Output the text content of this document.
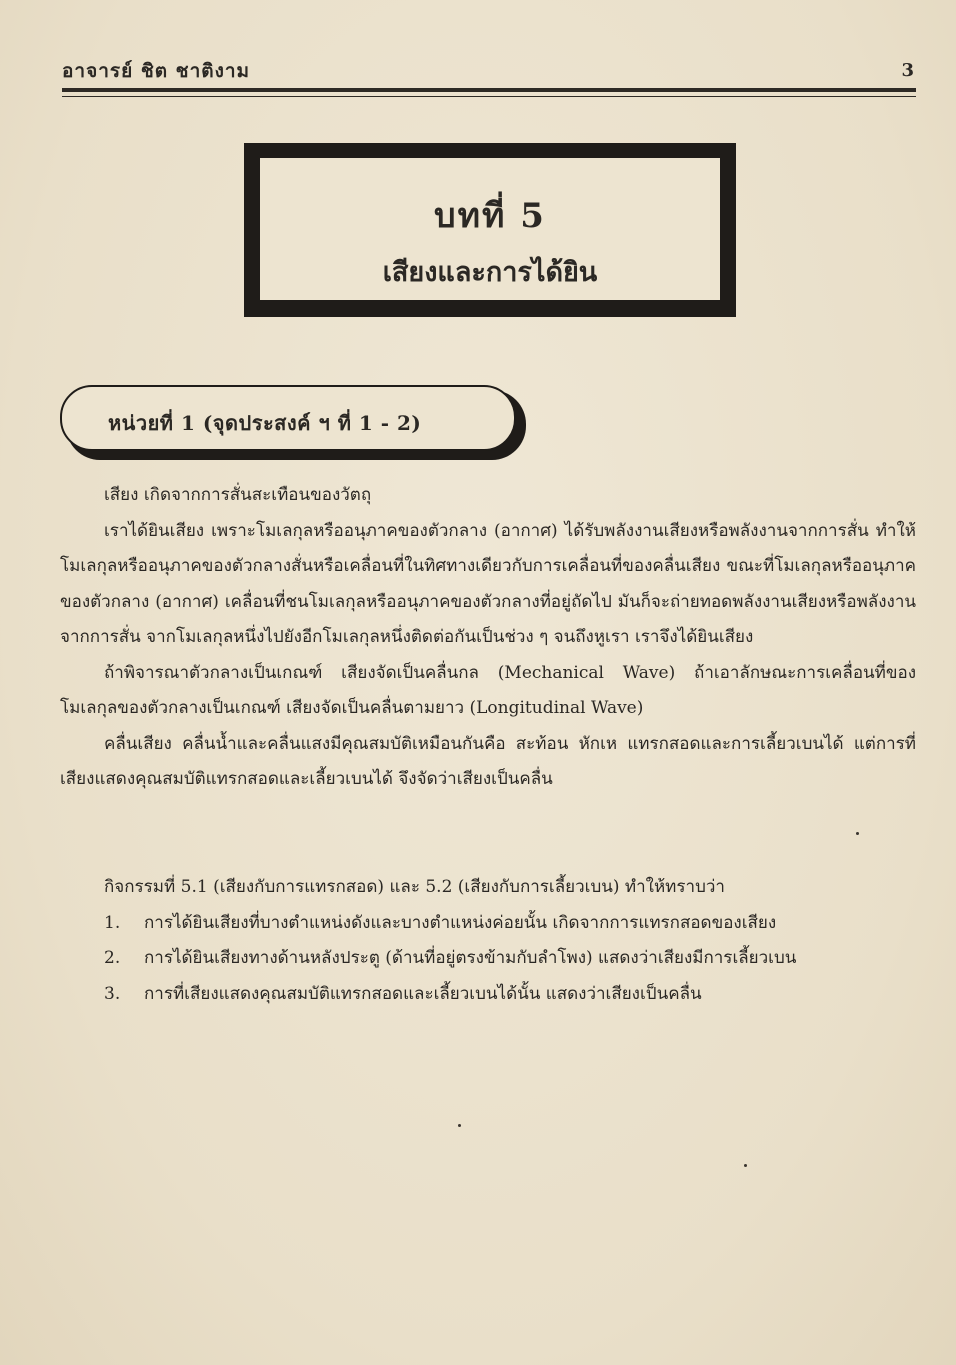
อาจารย์ ชิต ชาติงาม	3
บทที่ 5
เสียงและการได้ยิน
หน่วยที่ 1 (จุดประสงค์ ฯ ที่ 1 - 2)

เสียง เกิดจากการสั่นสะเทือนของวัตถุ

เราได้ยินเสียง เพราะโมเลกุลหรืออนุภาคของตัวกลาง (อากาศ) ได้รับพลังงานเสียงหรือพลังงานจากการสั่น ทำให้โมเลกุลหรืออนุภาคของตัวกลางสั่นหรือเคลื่อนที่ในทิศทางเดียวกับการเคลื่อนที่ของคลื่นเสียง ขณะที่โมเลกุลหรืออนุภาคของตัวกลาง (อากาศ) เคลื่อนที่ชนโมเลกุลหรืออนุภาคของตัวกลางที่อยู่ถัดไป มันก็จะถ่ายทอดพลังงานเสียงหรือพลังงานจากการสั่น จากโมเลกุลหนึ่งไปยังอีกโมเลกุลหนึ่งติดต่อกันเป็นช่วง ๆ จนถึงหูเรา เราจึงได้ยินเสียง

ถ้าพิจารณาตัวกลางเป็นเกณฑ์ เสียงจัดเป็นคลื่นกล (Mechanical Wave) ถ้าเอาลักษณะการเคลื่อนที่ของโมเลกุลของตัวกลางเป็นเกณฑ์ เสียงจัดเป็นคลื่นตามยาว (Longitudinal Wave)

คลื่นเสียง คลื่นน้ำและคลื่นแสงมีคุณสมบัติเหมือนกันคือ สะท้อน หักเห แทรกสอดและการเลี้ยวเบนได้ แต่การที่เสียงแสดงคุณสมบัติแทรกสอดและเลี้ยวเบนได้ จึงจัดว่าเสียงเป็นคลื่น

กิจกรรมที่ 5.1 (เสียงกับการแทรกสอด) และ 5.2 (เสียงกับการเลี้ยวเบน) ทำให้ทราบว่า

1. การได้ยินเสียงที่บางตำแหน่งดังและบางตำแหน่งค่อยนั้น เกิดจากการแทรกสอดของเสียง
2. การได้ยินเสียงทางด้านหลังประตู (ด้านที่อยู่ตรงข้ามกับลำโพง) แสดงว่าเสียงมีการเลี้ยวเบน
3. การที่เสียงแสดงคุณสมบัติแทรกสอดและเลี้ยวเบนได้นั้น แสดงว่าเสียงเป็นคลื่น
